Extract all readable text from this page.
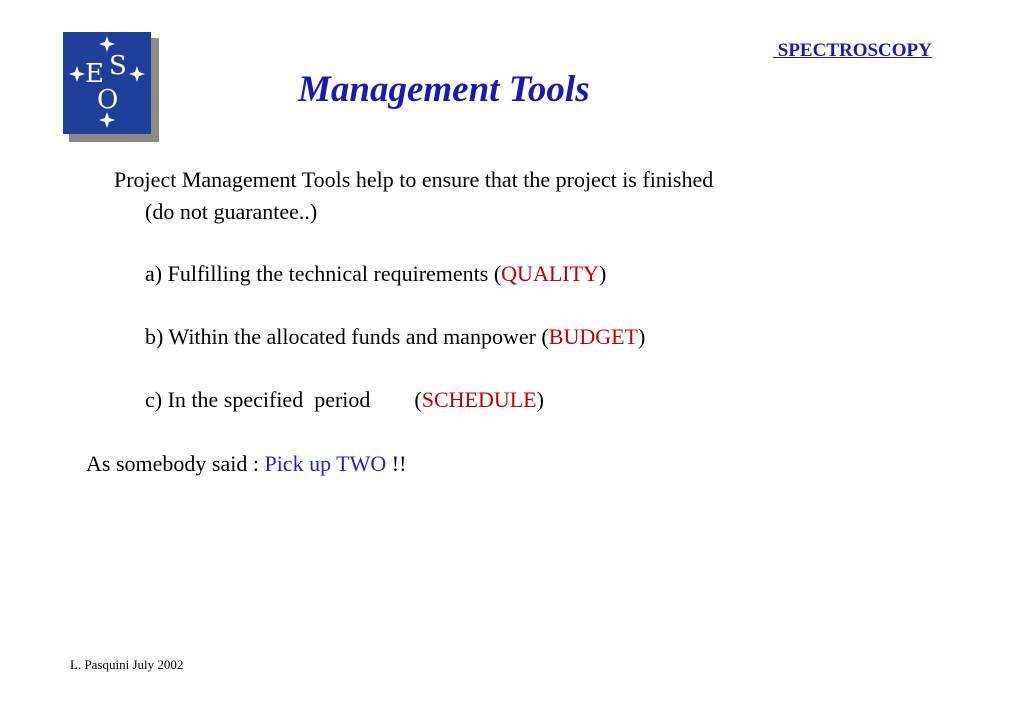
E S
O
SPECTROSCOPY
Management Tools
Project Management Tools help to ensure that the project is finished
(do not guarantee..)
a) Fulfilling the technical requirements (QUALITY)
b) Within the allocated funds and manpower (BUDGET)
c) In the specified  period        (SCHEDULE)
As somebody said : Pick up TWO !!
L. Pasquini July 2002
